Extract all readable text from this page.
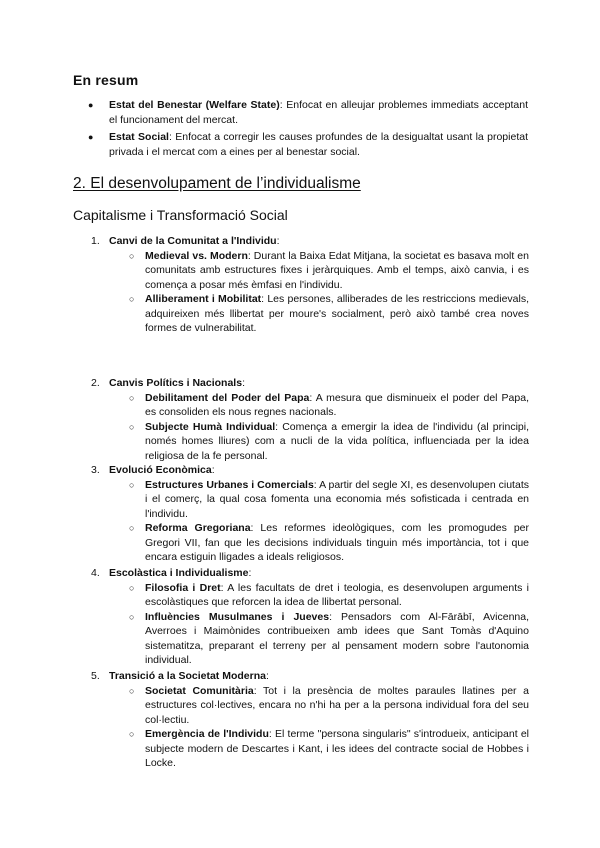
En resum
● Estat del Benestar (Welfare State): Enfocat en alleujar problemes immediats acceptant el funcionament del mercat.
● Estat Social: Enfocat a corregir les causes profundes de la desigualtat usant la propietat privada i el mercat com a eines per al benestar social.
2. El desenvolupament de l’individualisme
Capitalisme i Transformació Social
1. Canvi de la Comunitat a l'Individu:
○ Medieval vs. Modern: Durant la Baixa Edat Mitjana, la societat es basava molt en comunitats amb estructures fixes i jeràrquiques. Amb el temps, això canvia, i es comença a posar més èmfasi en l'individu.
○ Alliberament i Mobilitat: Les persones, alliberades de les restriccions medievals, adquireixen més llibertat per moure's socialment, però això també crea noves formes de vulnerabilitat.
2. Canvis Polítics i Nacionals:
○ Debilitament del Poder del Papa: A mesura que disminueix el poder del Papa, es consoliden els nous regnes nacionals.
○ Subjecte Humà Individual: Comença a emergir la idea de l'individu (al principi, només homes lliures) com a nucli de la vida política, influenciada per la idea religiosa de la fe personal.
3. Evolució Econòmica:
○ Estructures Urbanes i Comercials: A partir del segle XI, es desenvolupen ciutats i el comerç, la qual cosa fomenta una economia més sofisticada i centrada en l'individu.
○ Reforma Gregoriana: Les reformes ideològiques, com les promogudes per Gregori VII, fan que les decisions individuals tinguin més importància, tot i que encara estiguin lligades a ideals religiosos.
4. Escolàstica i Individualisme:
○ Filosofia i Dret: A les facultats de dret i teologia, es desenvolupen arguments i escolàstiques que reforcen la idea de llibertat personal.
○ Influències Musulmanes i Jueves: Pensadors com Al-Fārābī, Avicenna, Averroes i Maimònides contribueixen amb idees que Sant Tomàs d'Aquino sistematitza, preparant el terreny per al pensament modern sobre l'autonomia individual.
5. Transició a la Societat Moderna:
○ Societat Comunitària: Tot i la presència de moltes paraules llatines per a estructures col·lectives, encara no n'hi ha per a la persona individual fora del seu col·lectiu.
○ Emergència de l'Individu: El terme "persona singularis" s'introdueix, anticipant el subjecte modern de Descartes i Kant, i les idees del contracte social de Hobbes i Locke.
